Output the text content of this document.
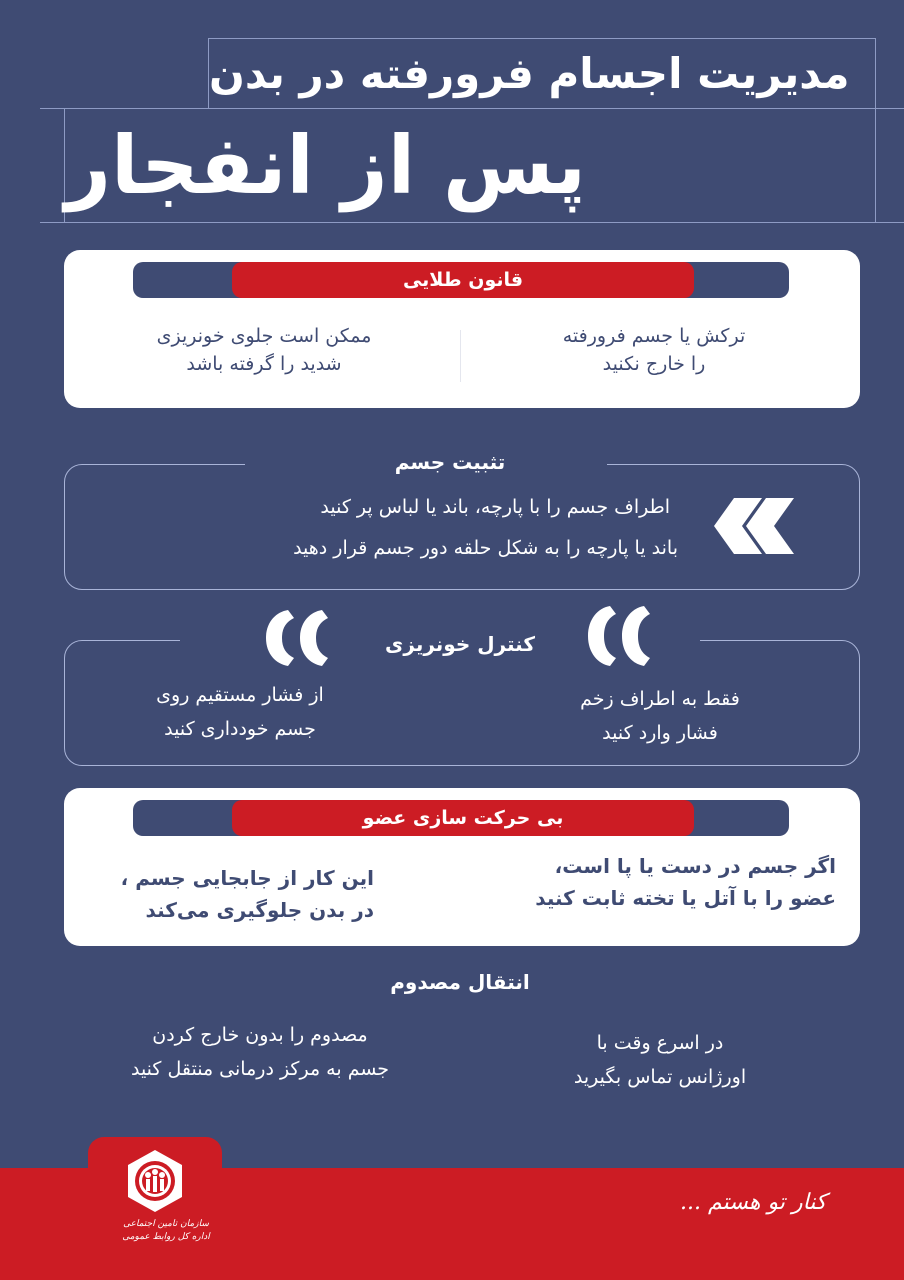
مدیریت اجسام فرورفته در بدن
پس از انفجار
قانون طلایی
ترکش یا جسم فرورفته
را خارج نکنید
ممکن است جلوی خونریزی
شدید را گرفته باشد
تثبیت جسم
اطراف جسم را با پارچه، باند یا لباس پر کنید
باند یا پارچه را به شکل حلقه دور جسم قرار دهید
کنترل خونریزی
فقط به اطراف زخم
فشار وارد کنید
از فشار مستقیم روی
جسم خودداری کنید
بی حرکت سازی عضو
اگر جسم در دست یا پا است،
عضو را با آتل یا تخته ثابت کنید
این کار از جابجایی جسم ،
در بدن جلوگیری می‌کند
انتقال مصدوم
در اسرع وقت با
اورژانس تماس بگیرید
مصدوم را بدون خارج کردن
جسم به مرکز درمانی منتقل کنید
سازمان تامین اجتماعی
اداره کل روابط عمومی
کنار تو هستم ...
